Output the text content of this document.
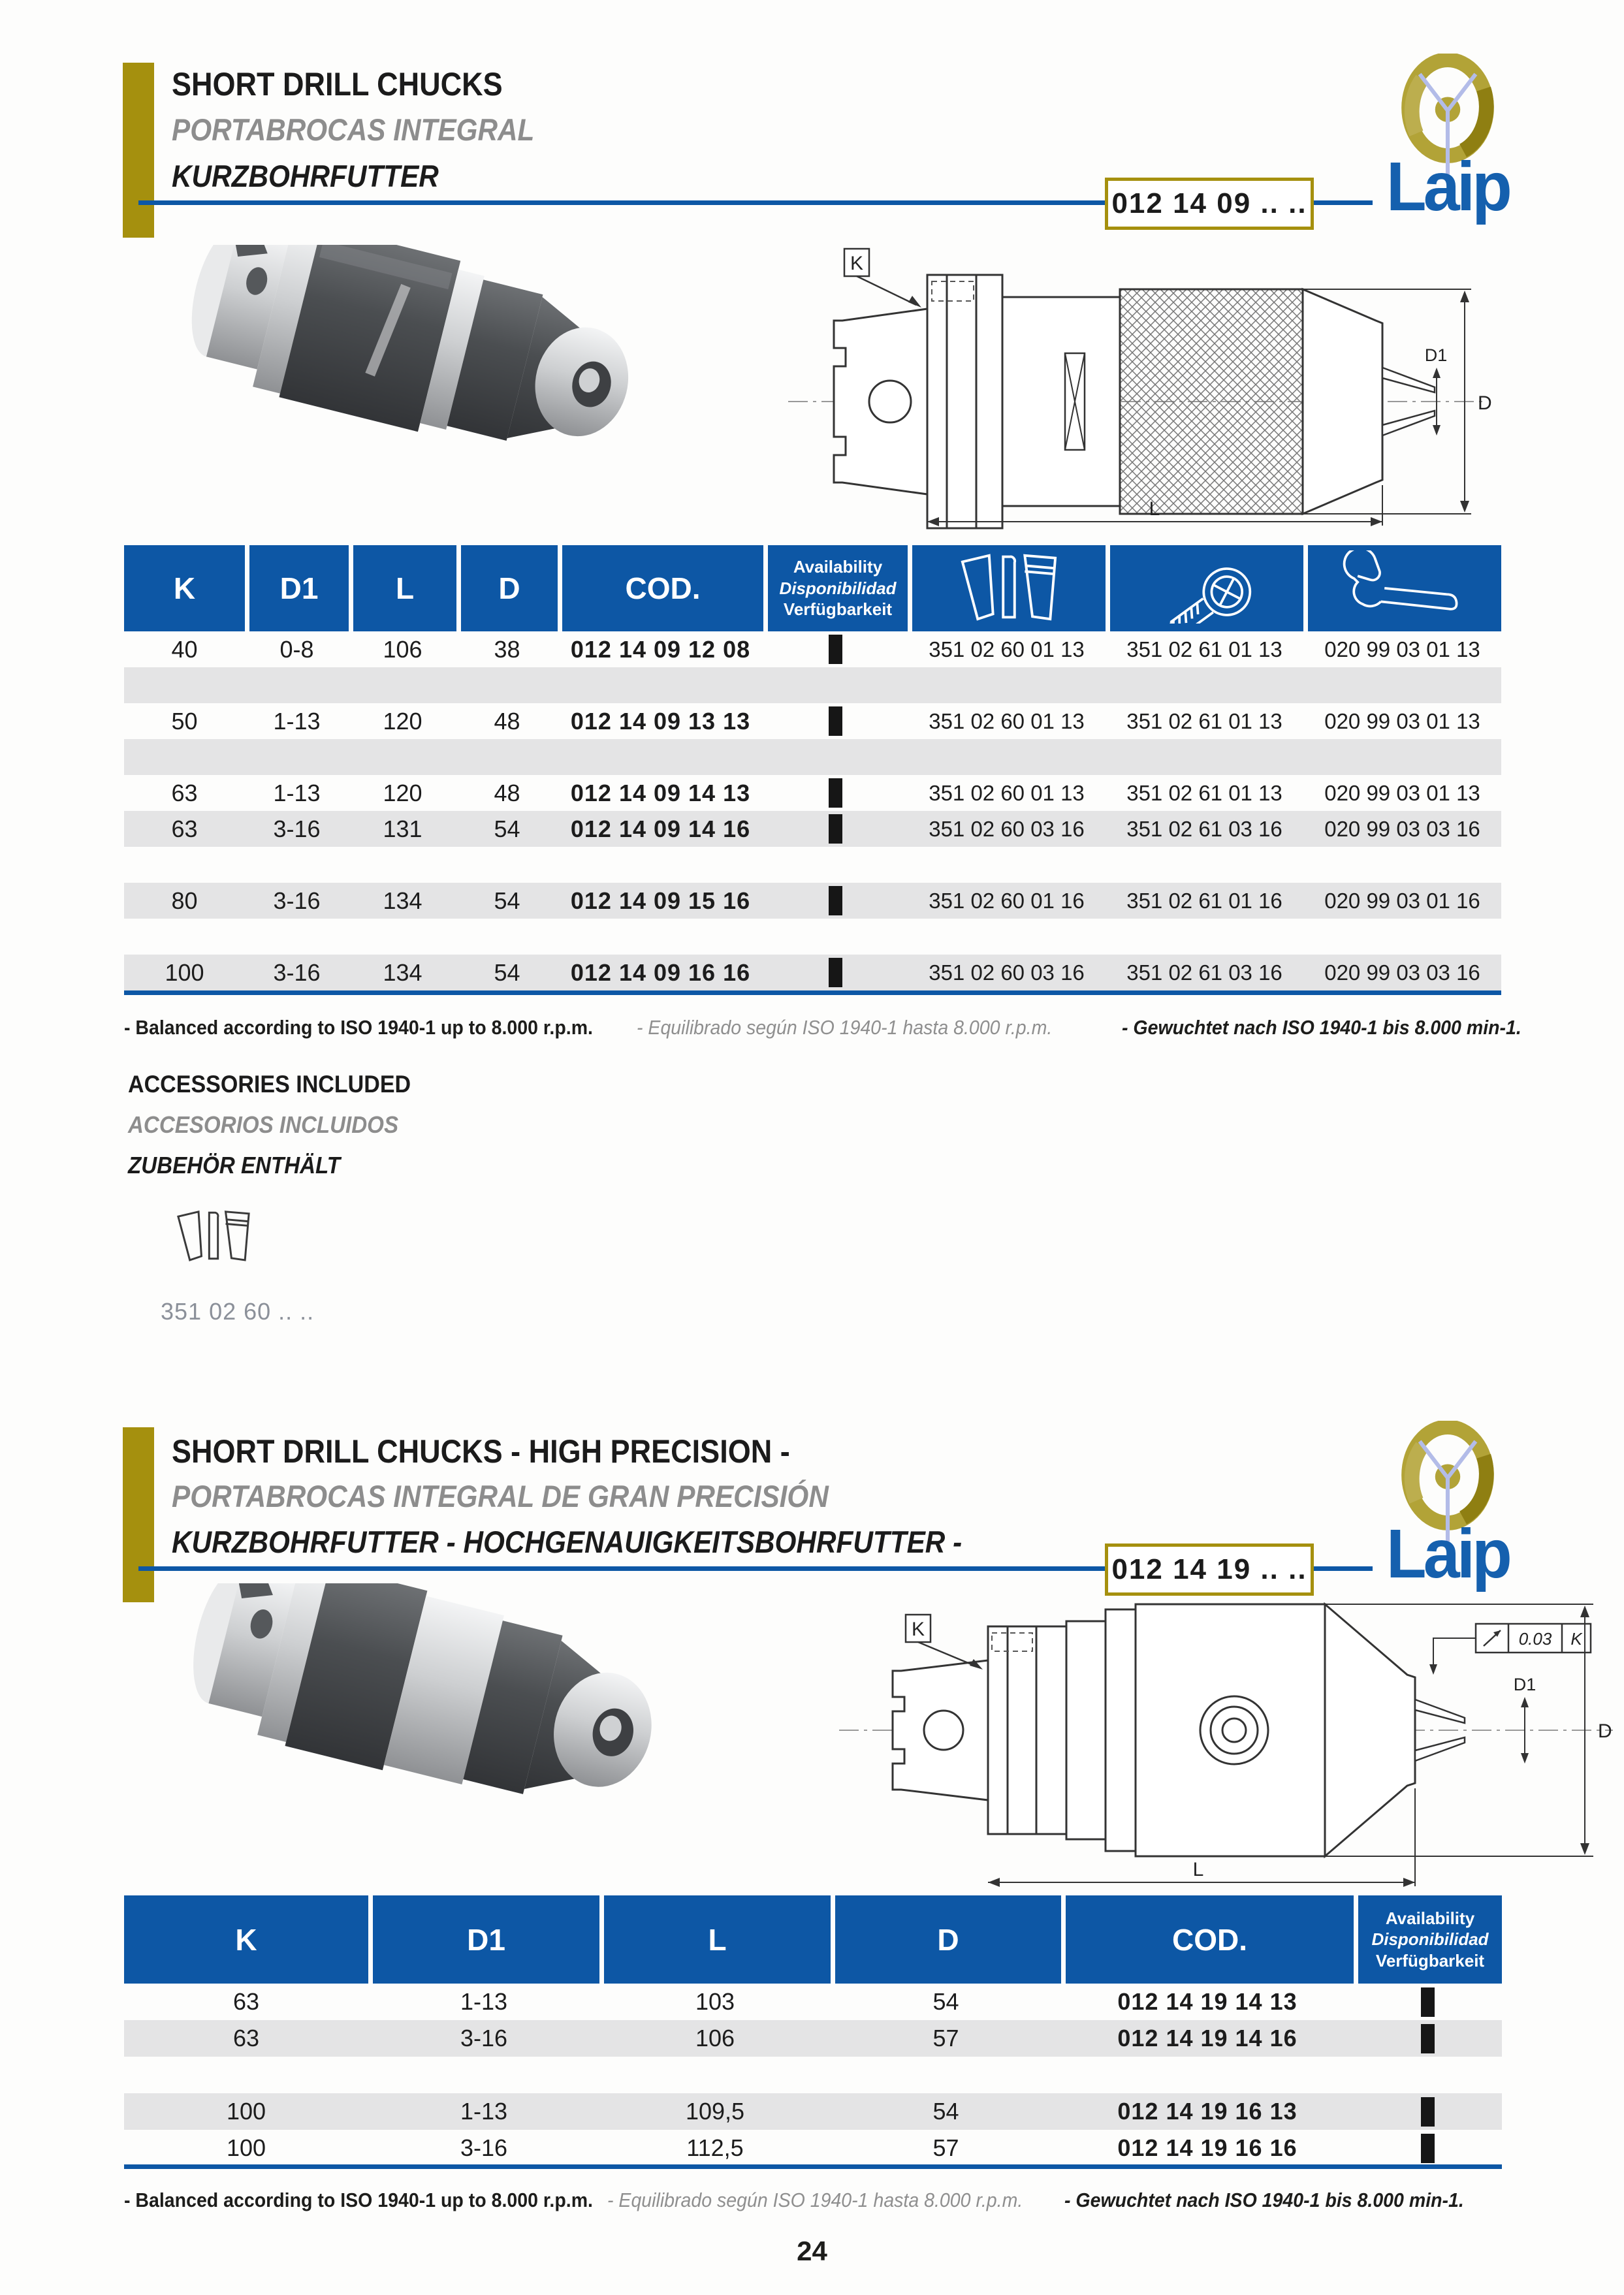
SHORT DRILL CHUCKS
PORTABROCAS INTEGRAL
KURZBOHRFUTTER
012 14 09 .. .. Laip
K
D
D1
L
K	D1	L	D	COD.	Availability
Disponibilidad
Verfügbarkeit

40	0-8	106	38	012 14 09 12 08		351 02 60 01 13	351 02 61 01 13	020 99 03 01 13

50	1-13	120	48	012 14 09 13 13		351 02 60 01 13	351 02 61 01 13	020 99 03 01 13

63	1-13	120	48	012 14 09 14 13		351 02 60 01 13	351 02 61 01 13	020 99 03 01 13
63	3-16	131	54	012 14 09 14 16		351 02 60 03 16	351 02 61 03 16	020 99 03 03 16

80	3-16	134	54	012 14 09 15 16		351 02 60 01 16	351 02 61 01 16	020 99 03 01 16

100	3-16	134	54	012 14 09 16 16		351 02 60 03 16	351 02 61 03 16	020 99 03 03 16
- Balanced according to ISO 1940-1 up to 8.000 r.p.m. - Equilibrado según ISO 1940-1 hasta 8.000 r.p.m.	- Gewuchtet nach ISO 1940-1 bis 8.000 min-1.
ACCESSORIES INCLUDED
ACCESORIOS INCLUIDOS
ZUBEHÖR ENTHÄLT
351 02 60 .. ..
SHORT DRILL CHUCKS - HIGH PRECISION -
PORTABROCAS INTEGRAL DE GRAN PRECISIÓN
KURZBOHRFUTTER - HOCHGENAUIGKEITSBOHRFUTTER -
012 14 19 .. .. Laip
K	0.03 K
D
D1
L
K	D1	L	D	COD.	Availability
Disponibilidad
Verfügbarkeit

63	1-13	103	54	012 14 19 14 13	
63	3-16	106	57	012 14 19 14 16	

100	1-13	109,5	54	012 14 19 16 13	
100	3-16	112,5	57	012 14 19 16 16	
- Balanced according to ISO 1940-1 up to 8.000 r.p.m. - Equilibrado según ISO 1940-1 hasta 8.000 r.p.m. - Gewuchtet nach ISO 1940-1 bis 8.000 min-1.
24
